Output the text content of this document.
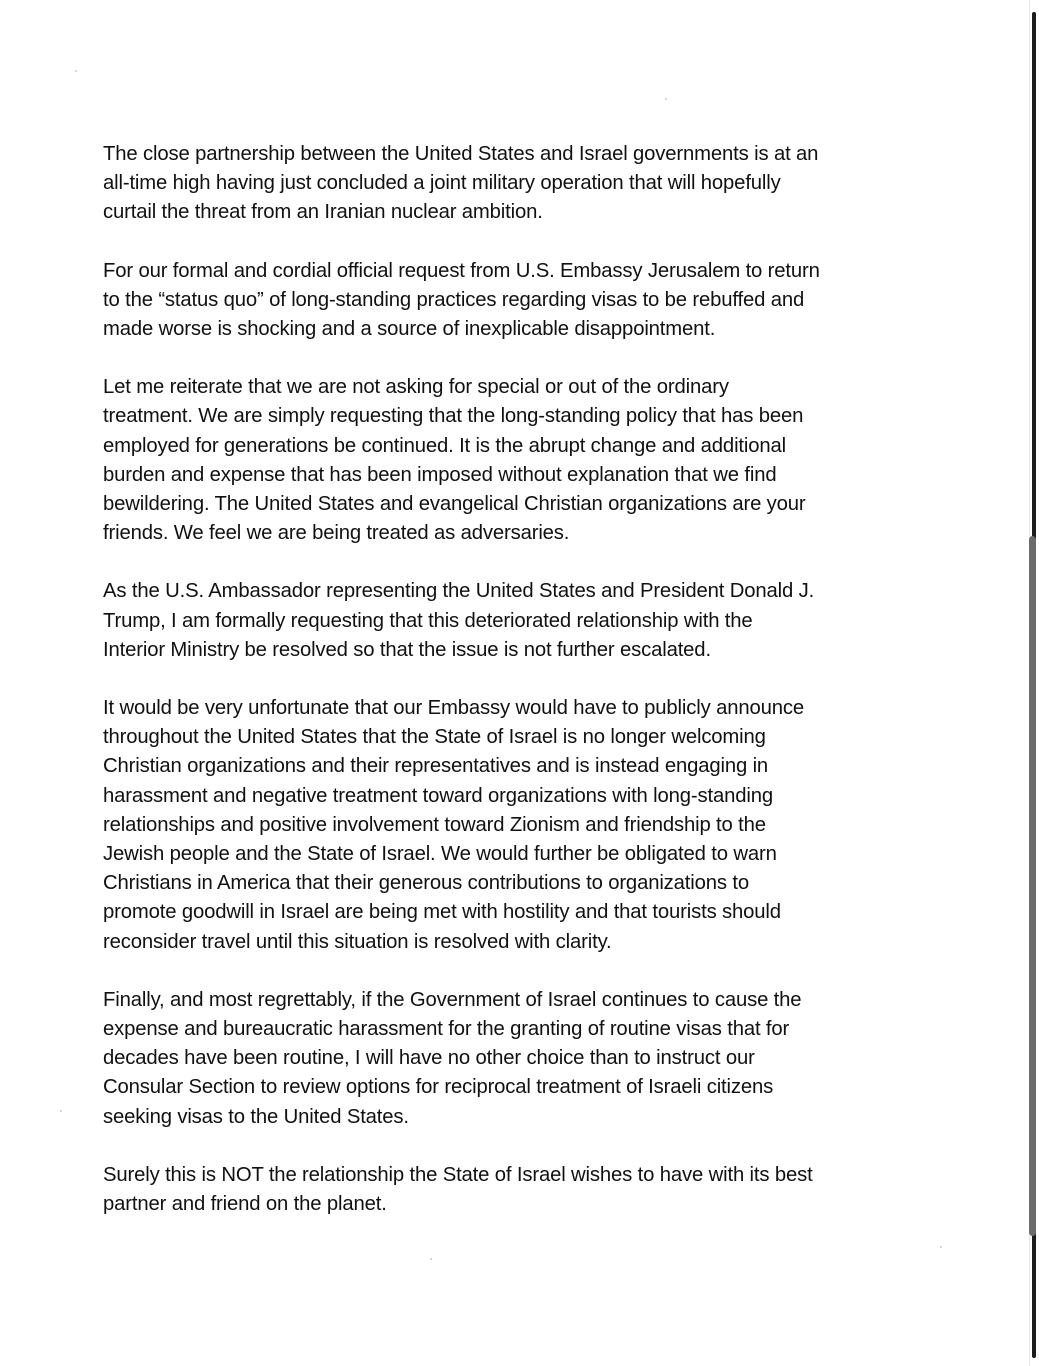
The close partnership between the United States and Israel governments is at an
all-time high having just concluded a joint military operation that will hopefully
curtail the threat from an Iranian nuclear ambition.

For our formal and cordial official request from U.S. Embassy Jerusalem to return
to the “status quo” of long-standing practices regarding visas to be rebuffed and
made worse is shocking and a source of inexplicable disappointment.

Let me reiterate that we are not asking for special or out of the ordinary
treatment. We are simply requesting that the long-standing policy that has been
employed for generations be continued. It is the abrupt change and additional
burden and expense that has been imposed without explanation that we find
bewildering. The United States and evangelical Christian organizations are your
friends. We feel we are being treated as adversaries.

As the U.S. Ambassador representing the United States and President Donald J.
Trump, I am formally requesting that this deteriorated relationship with the
Interior Ministry be resolved so that the issue is not further escalated.

It would be very unfortunate that our Embassy would have to publicly announce
throughout the United States that the State of Israel is no longer welcoming
Christian organizations and their representatives and is instead engaging in
harassment and negative treatment toward organizations with long-standing
relationships and positive involvement toward Zionism and friendship to the
Jewish people and the State of Israel. We would further be obligated to warn
Christians in America that their generous contributions to organizations to
promote goodwill in Israel are being met with hostility and that tourists should
reconsider travel until this situation is resolved with clarity.

Finally, and most regrettably, if the Government of Israel continues to cause the
expense and bureaucratic harassment for the granting of routine visas that for
decades have been routine, I will have no other choice than to instruct our
Consular Section to review options for reciprocal treatment of Israeli citizens
seeking visas to the United States.

Surely this is NOT the relationship the State of Israel wishes to have with its best
partner and friend on the planet.
